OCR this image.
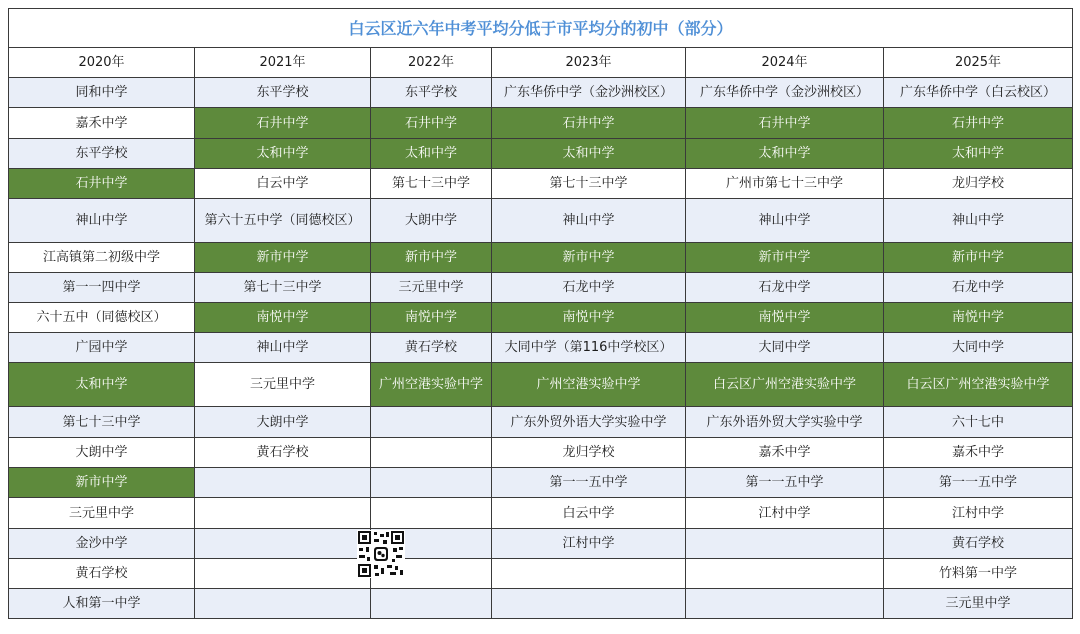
白云区近六年中考平均分低于市平均分的初中（部分）					
2020年	2021年	2022年	2023年	2024年	2025年
同和中学	东平学校	东平学校	广东华侨中学（金沙洲校区）	广东华侨中学（金沙洲校区）	广东华侨中学（白云校区）
嘉禾中学	石井中学	石井中学	石井中学	石井中学	石井中学
东平学校	太和中学	太和中学	太和中学	太和中学	太和中学
石井中学	白云中学	第七十三中学	第七十三中学	广州市第七十三中学	龙归学校
神山中学	第六十五中学（同德校区）	大朗中学	神山中学	神山中学	神山中学
江高镇第二初级中学	新市中学	新市中学	新市中学	新市中学	新市中学
第一一四中学	第七十三中学	三元里中学	石龙中学	石龙中学	石龙中学
六十五中（同德校区）	南悦中学	南悦中学	南悦中学	南悦中学	南悦中学
广园中学	神山中学	黄石学校	大同中学（第116中学校区）	大同中学	大同中学
太和中学	三元里中学	广州空港实验中学	广州空港实验中学	白云区广州空港实验中学	白云区广州空港实验中学
第七十三中学	大朗中学		广东外贸外语大学实验中学	广东外语外贸大学实验中学	六十七中
大朗中学	黄石学校		龙归学校	嘉禾中学	嘉禾中学
新市中学			第一一五中学	第一一五中学	第一一五中学
三元里中学			白云中学	江村中学	江村中学
金沙中学			江村中学		黄石学校
黄石学校					竹料第一中学
人和第一中学					三元里中学
